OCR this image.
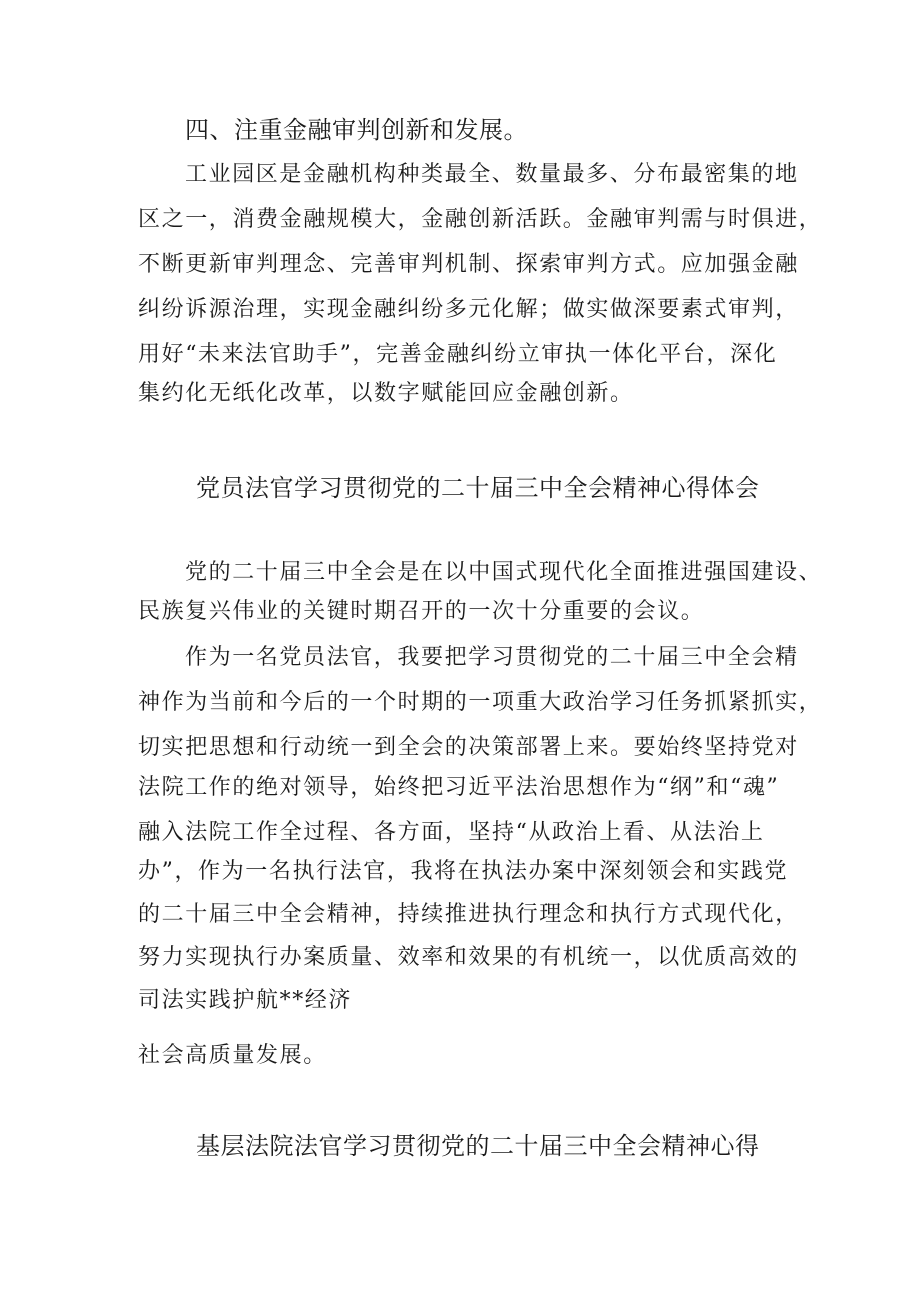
四、注重金融审判创新和发展。
工业园区是金融机构种类最全、数量最多、分布最密集的地
区之一，消费金融规模大，金融创新活跃。金融审判需与时俱进，
不断更新审判理念、完善审判机制、探索审判方式。应加强金融
纠纷诉源治理，实现金融纠纷多元化解；做实做深要素式审判，
用好“未来法官助手”，完善金融纠纷立审执一体化平台，深化
集约化无纸化改革，以数字赋能回应金融创新。
党员法官学习贯彻党的二十届三中全会精神心得体会
党的二十届三中全会是在以中国式现代化全面推进强国建设、
民族复兴伟业的关键时期召开的一次十分重要的会议。
作为一名党员法官，我要把学习贯彻党的二十届三中全会精
神作为当前和今后的一个时期的一项重大政治学习任务抓紧抓实，
切实把思想和行动统一到全会的决策部署上来。要始终坚持党对
法院工作的绝对领导，始终把习近平法治思想作为“纲”和“魂”
融入法院工作全过程、各方面，坚持“从政治上看、从法治上
办”，作为一名执行法官，我将在执法办案中深刻领会和实践党
的二十届三中全会精神，持续推进执行理念和执行方式现代化，
努力实现执行办案质量、效率和效果的有机统一，以优质高效的
司法实践护航**经济
社会高质量发展。
基层法院法官学习贯彻党的二十届三中全会精神心得
